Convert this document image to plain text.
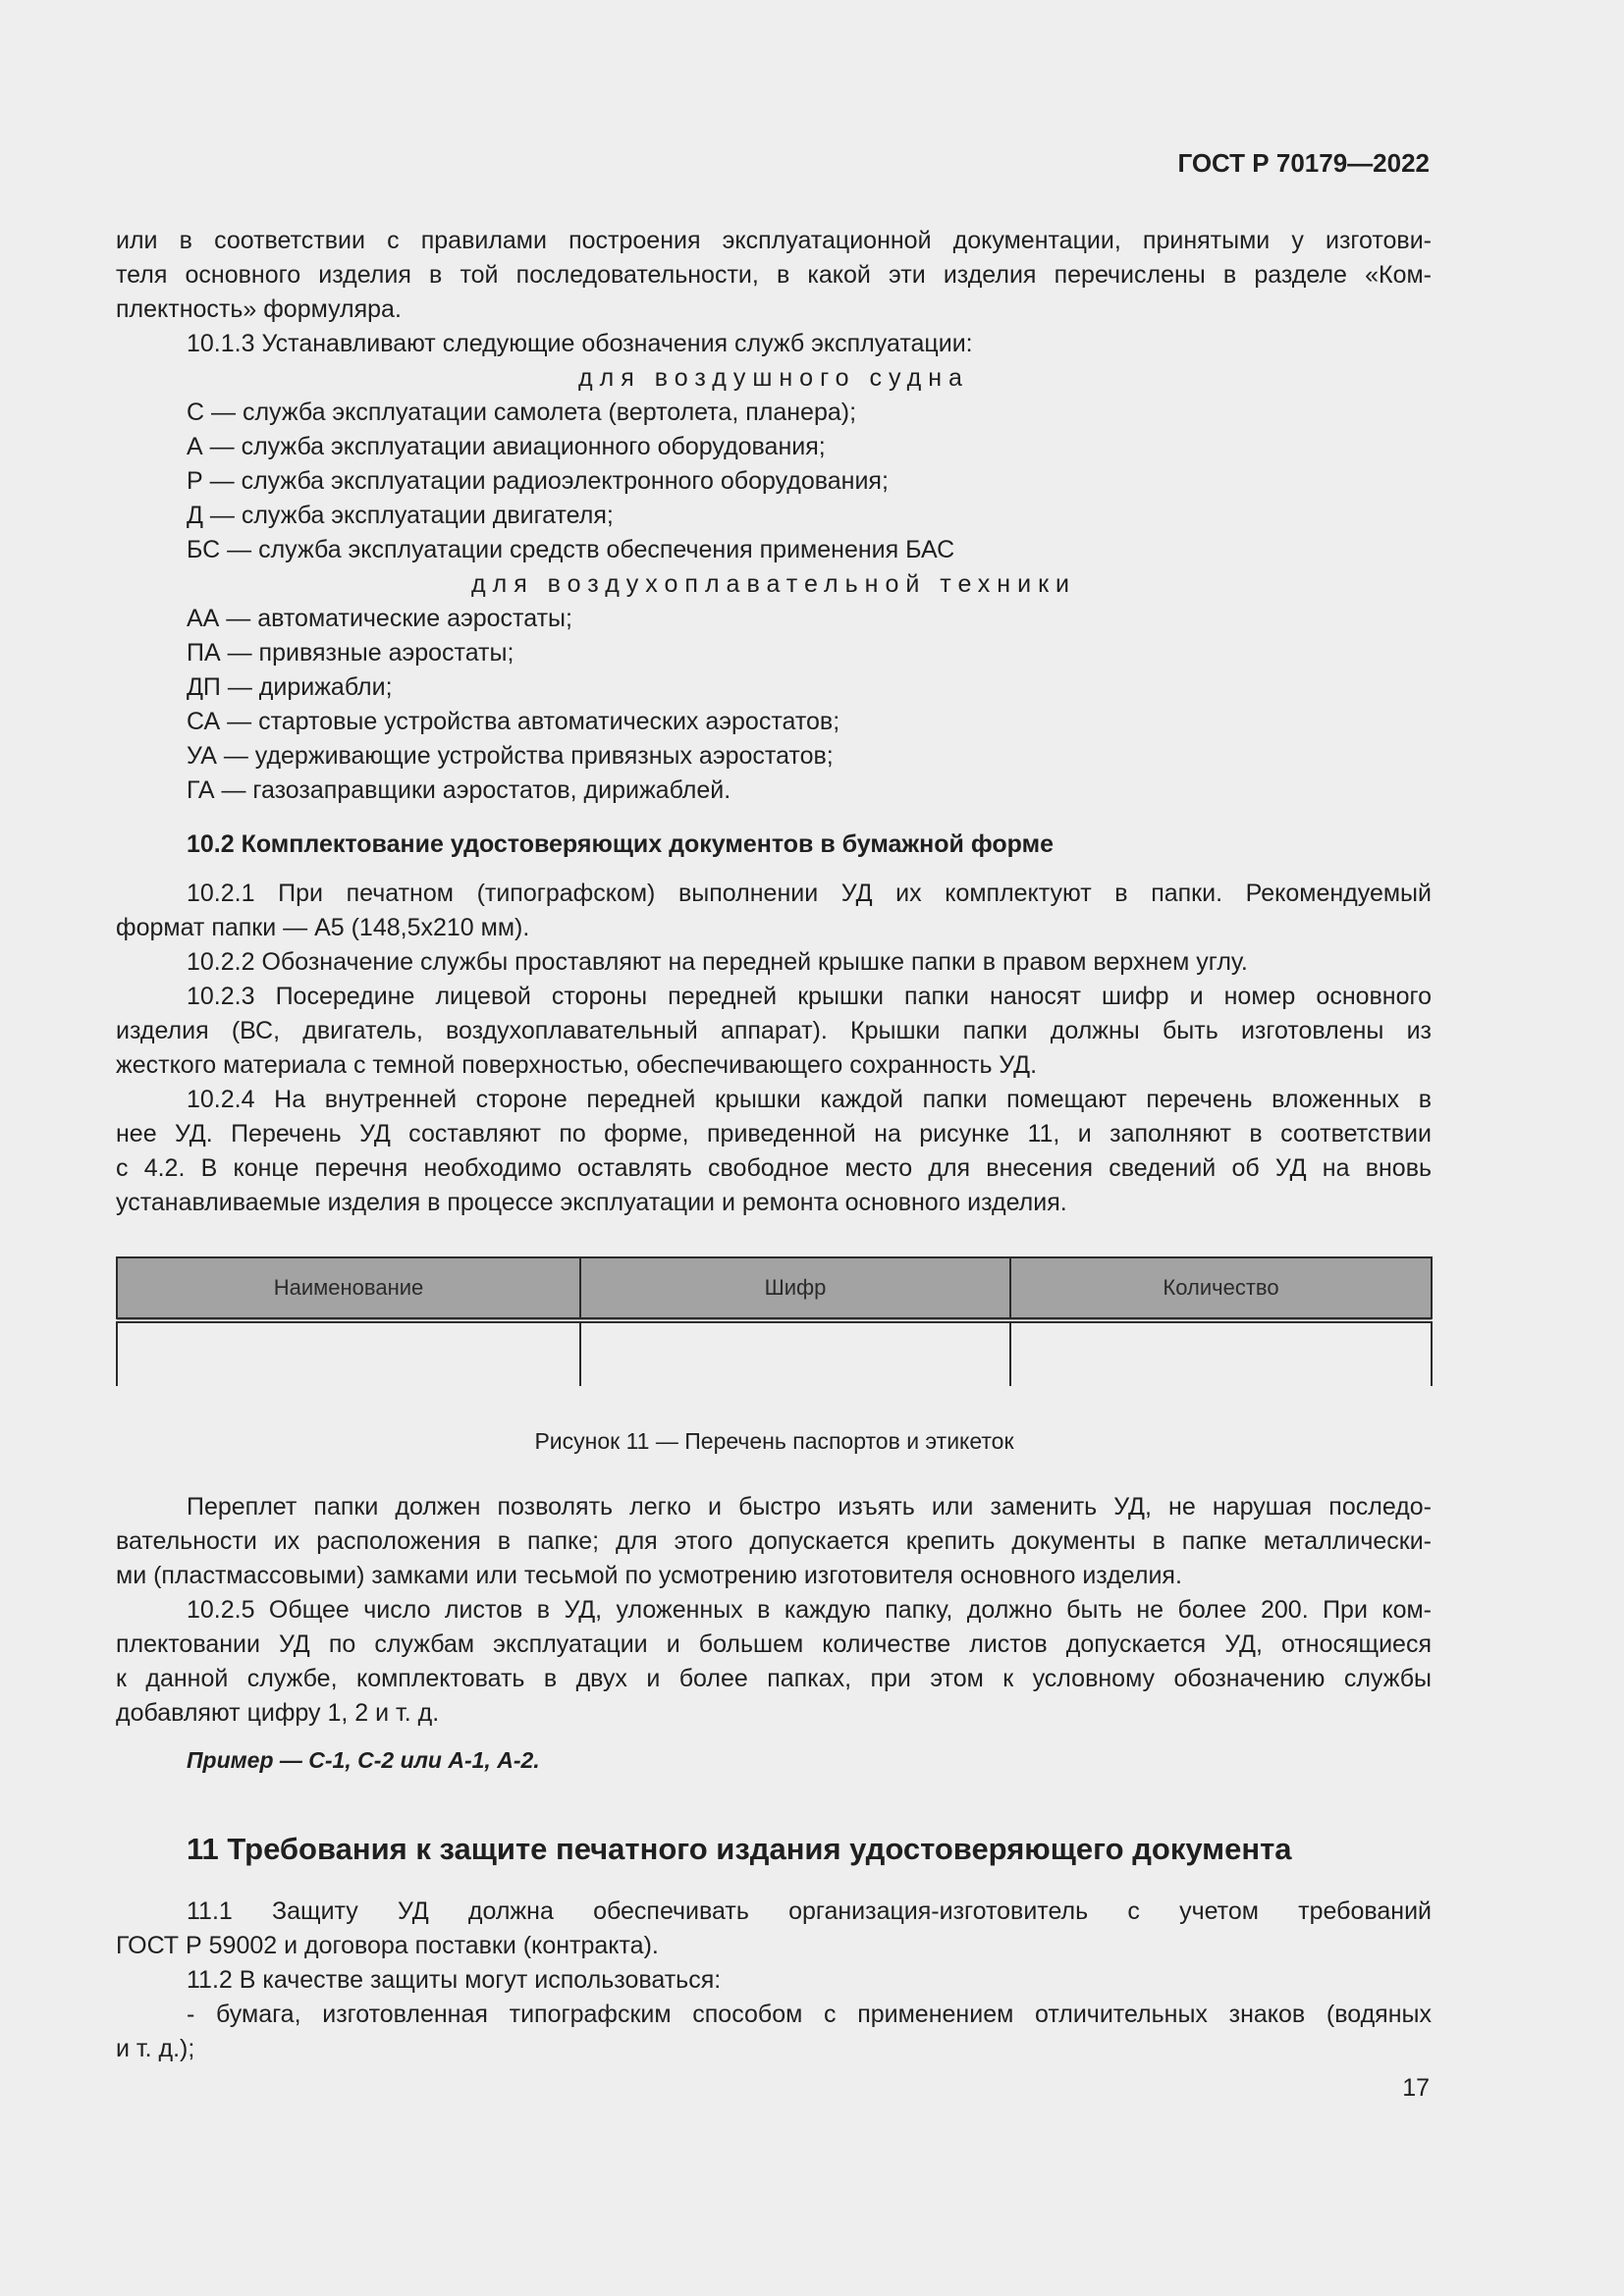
ГОСТ Р 70179—2022

или в соответствии с правилами построения эксплуатационной документации, принятыми у изготови-

теля основного изделия в той последовательности, в какой эти изделия перечислены в разделе «Ком-

плектность» формуляра.

10.1.3 Устанавливают следующие обозначения служб эксплуатации:

для воздушного судна

С — служба эксплуатации самолета (вертолета, планера);

А — служба эксплуатации авиационного оборудования;

Р — служба эксплуатации радиоэлектронного оборудования;

Д — служба эксплуатации двигателя;

БС — служба эксплуатации средств обеспечения применения БАС

для воздухоплавательной техники

АА — автоматические аэростаты;

ПА — привязные аэростаты;

ДП — дирижабли;

СА — стартовые устройства автоматических аэростатов;

УА — удерживающие устройства привязных аэростатов;

ГА — газозаправщики аэростатов, дирижаблей.

10.2 Комплектование удостоверяющих документов в бумажной форме

10.2.1 При печатном (типографском) выполнении УД их комплектуют в папки. Рекомендуемый

формат папки — А5 (148,5x210 мм).

10.2.2 Обозначение службы проставляют на передней крышке папки в правом верхнем углу.

10.2.3 Посередине лицевой стороны передней крышки папки наносят шифр и номер основного

изделия (ВС, двигатель, воздухоплавательный аппарат). Крышки папки должны быть изготовлены из

жесткого материала с темной поверхностью, обеспечивающего сохранность УД.

10.2.4 На внутренней стороне передней крышки каждой папки помещают перечень вложенных в

нее УД. Перечень УД составляют по форме, приведенной на рисунке 11, и заполняют в соответствии

с 4.2. В конце перечня необходимо оставлять свободное место для внесения сведений об УД на вновь

устанавливаемые изделия в процессе эксплуатации и ремонта основного изделия.

Наименование	Шифр	Количество

Рисунок 11 — Перечень паспортов и этикеток

Переплет папки должен позволять легко и быстро изъять или заменить УД, не нарушая последо-

вательности их расположения в папке; для этого допускается крепить документы в папке металлически-

ми (пластмассовыми) замками или тесьмой по усмотрению изготовителя основного изделия.

10.2.5 Общее число листов в УД, уложенных в каждую папку, должно быть не более 200. При ком-

плектовании УД по службам эксплуатации и большем количестве листов допускается УД, относящиеся

к данной службе, комплектовать в двух и более папках, при этом к условному обозначению службы

добавляют цифру 1, 2 и т. д.

Пример — С-1, С-2 или А-1, А-2.

11 Требования к защите печатного издания удостоверяющего документа

11.1 Защиту УД должна обеспечивать организация-изготовитель с учетом требований

ГОСТ Р 59002 и договора поставки (контракта).

11.2 В качестве защиты могут использоваться:

- бумага, изготовленная типографским способом с применением отличительных знаков (водяных

и т. д.);

17
